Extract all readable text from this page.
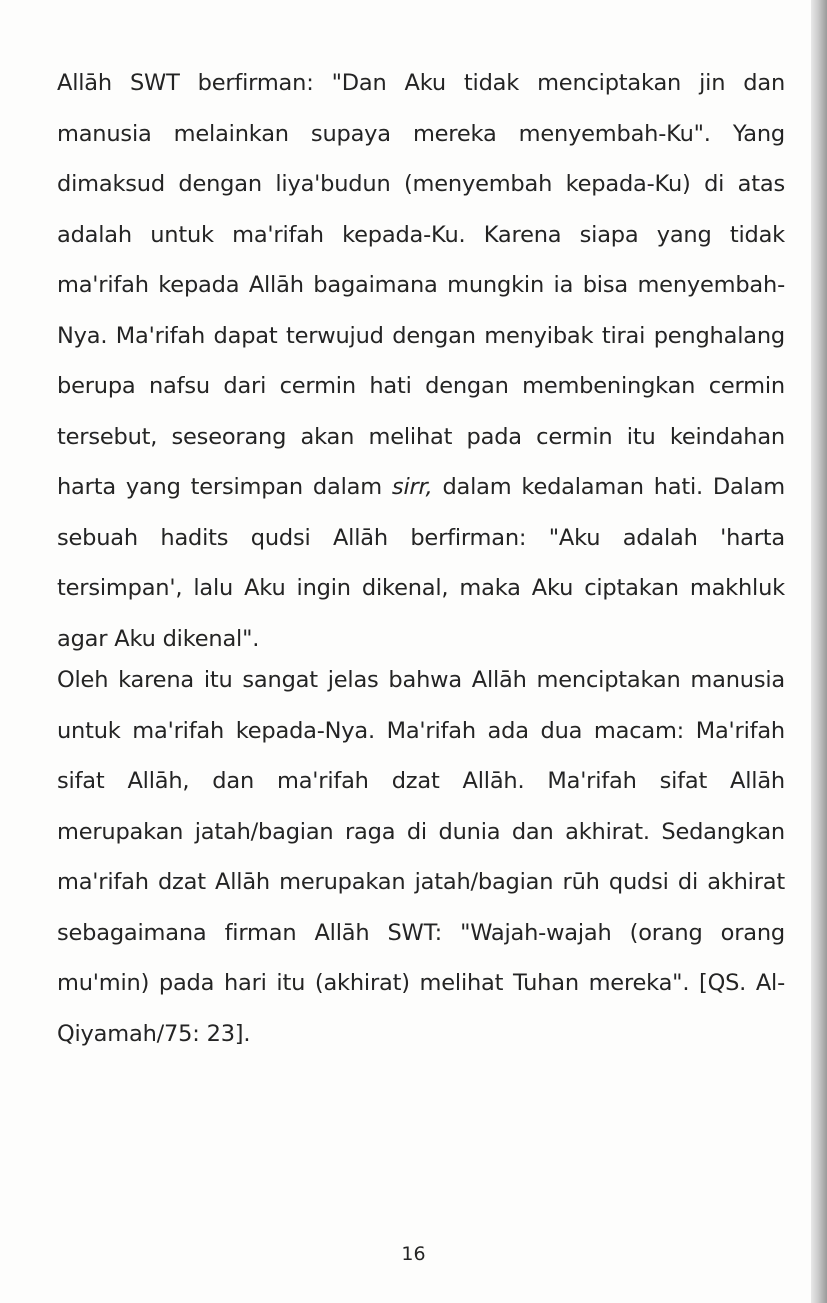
Allāh SWT berfirman: "Dan Aku tidak menciptakan jin dan manusia melainkan supaya mereka menyembah-Ku". Yang dimaksud dengan liya'budun (menyembah kepada-Ku) di atas adalah untuk ma'rifah kepada-Ku. Karena siapa yang tidak ma'rifah kepada Allāh bagaimana mungkin ia bisa menyembah-Nya. Ma'rifah dapat terwujud dengan menyibak tirai penghalang berupa nafsu dari cermin hati dengan membeningkan cermin tersebut, seseorang akan melihat pada cermin itu keindahan harta yang tersimpan dalam sirr, dalam kedalaman hati. Dalam sebuah hadits qudsi Allāh berfirman: "Aku adalah 'harta tersimpan', lalu Aku ingin dikenal, maka Aku ciptakan makhluk agar Aku dikenal".

Oleh karena itu sangat jelas bahwa Allāh menciptakan manusia untuk ma'rifah kepada-Nya. Ma'rifah ada dua macam: Ma'rifah sifat Allāh, dan ma'rifah dzat Allāh. Ma'rifah sifat Allāh merupakan jatah/bagian raga di dunia dan akhirat. Sedangkan ma'rifah dzat Allāh merupakan jatah/bagian rūh qudsi di akhirat sebagaimana firman Allāh SWT: "Wajah-wajah (orang orang mu'min) pada hari itu (akhirat) melihat Tuhan mereka". [QS. Al-Qiyamah/75: 23].

16
